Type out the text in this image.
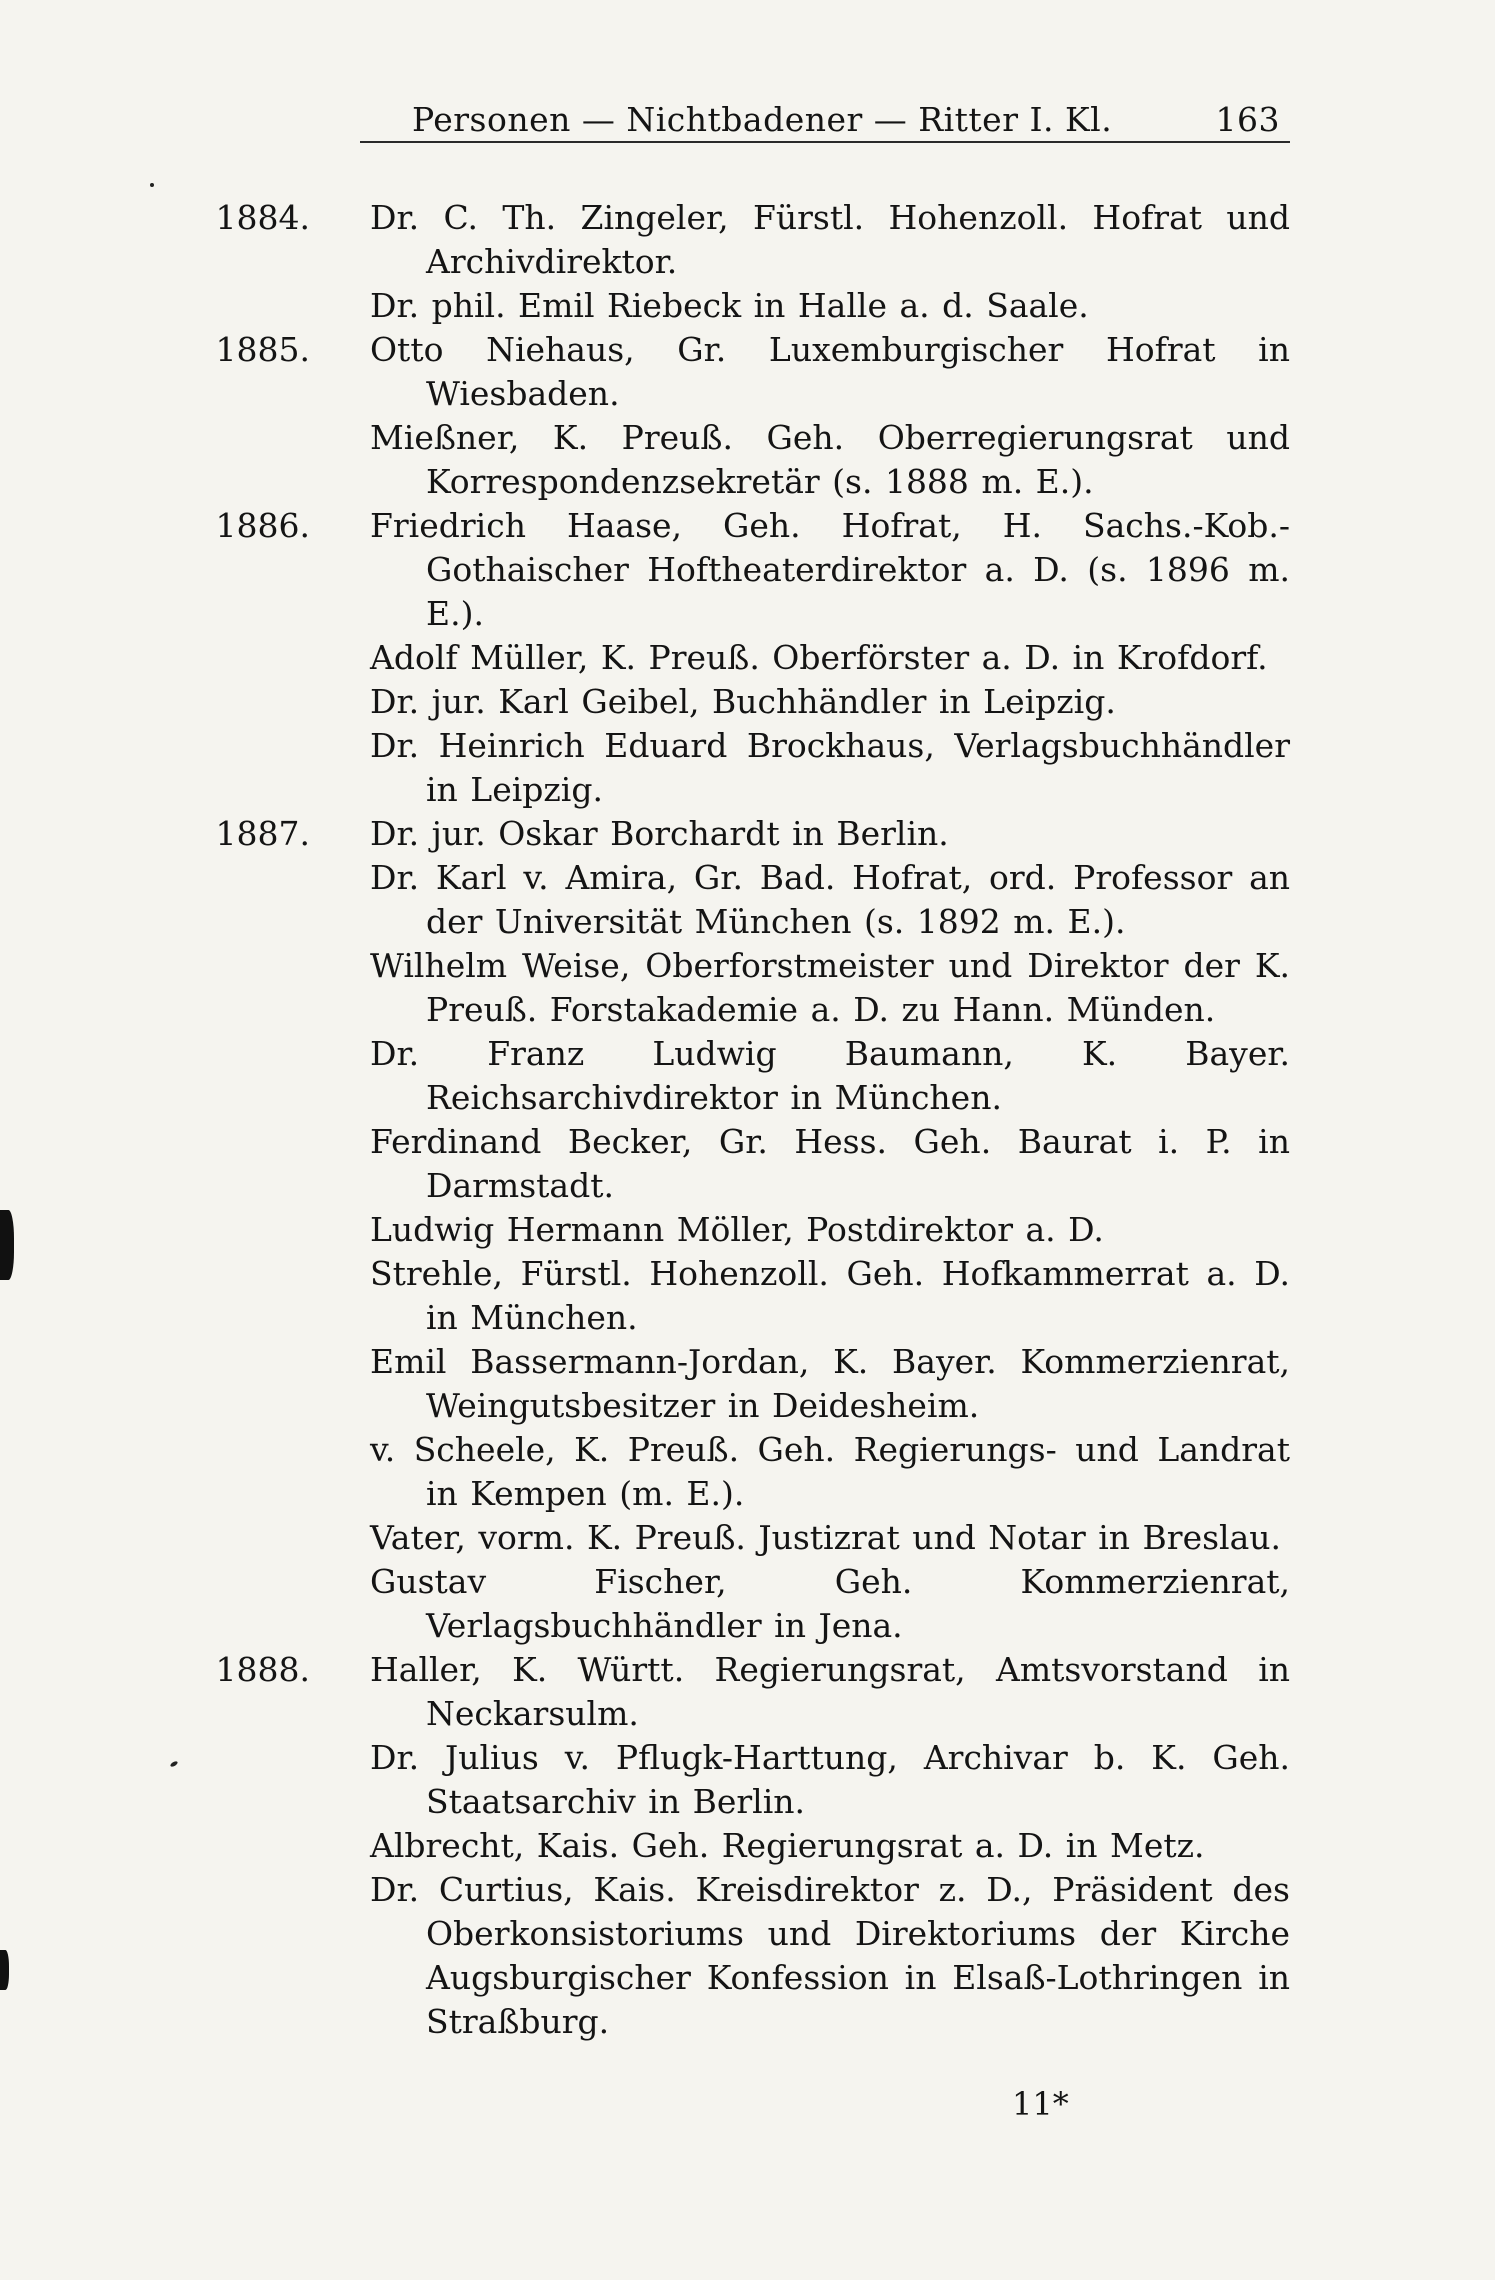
Personen — Nichtbadener — Ritter I. Kl.	163
1884. Dr. C. Th. Zingeler, Fürstl. Hohenzoll. Hofrat und Archivdirektor.
Dr. phil. Emil Riebeck in Halle a. d. Saale.
1885. Otto Niehaus, Gr. Luxemburgischer Hofrat in Wiesbaden.
Mießner, K. Preuß. Geh. Oberregierungsrat und Korrespondenzsekretär (s. 1888 m. E.).
1886. Friedrich Haase, Geh. Hofrat, H. Sachs.-Kob.-Gothaischer Hoftheaterdirektor a. D. (s. 1896 m. E.).
Adolf Müller, K. Preuß. Oberförster a. D. in Krofdorf.
Dr. jur. Karl Geibel, Buchhändler in Leipzig.
Dr. Heinrich Eduard Brockhaus, Verlagsbuchhändler in Leipzig.
1887. Dr. jur. Oskar Borchardt in Berlin.
Dr. Karl v. Amira, Gr. Bad. Hofrat, ord. Professor an der Universität München (s. 1892 m. E.).
Wilhelm Weise, Oberforstmeister und Direktor der K. Preuß. Forstakademie a. D. zu Hann. Münden.
Dr. Franz Ludwig Baumann, K. Bayer. Reichsarchivdirektor in München.
Ferdinand Becker, Gr. Hess. Geh. Baurat i. P. in Darmstadt.
Ludwig Hermann Möller, Postdirektor a. D.
Strehle, Fürstl. Hohenzoll. Geh. Hofkammerrat a. D. in München.
Emil Bassermann-Jordan, K. Bayer. Kommerzienrat, Weingutsbesitzer in Deidesheim.
v. Scheele, K. Preuß. Geh. Regierungs- und Landrat in Kempen (m. E.).
Vater, vorm. K. Preuß. Justizrat und Notar in Breslau.
Gustav Fischer, Geh. Kommerzienrat, Verlagsbuchhändler in Jena.
1888. Haller, K. Württ. Regierungsrat, Amtsvorstand in Neckarsulm.
Dr. Julius v. Pflugk-Harttung, Archivar b. K. Geh. Staatsarchiv in Berlin.
Albrecht, Kais. Geh. Regierungsrat a. D. in Metz.
Dr. Curtius, Kais. Kreisdirektor z. D., Präsident des Oberkonsistoriums und Direktoriums der Kirche Augsburgischer Konfession in Elsaß-Lothringen in Straßburg.
11*
